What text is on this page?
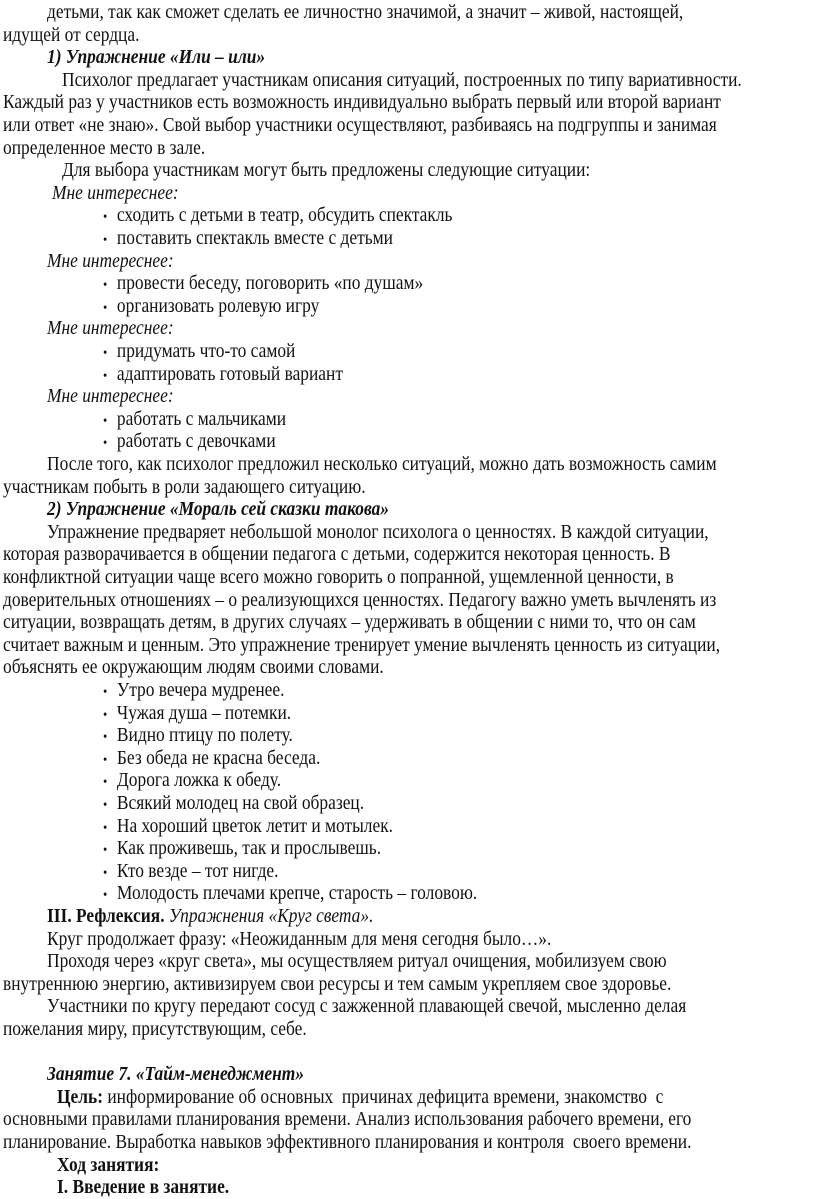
детьми, так как сможет сделать ее личностно значимой, а значит – живой, настоящей,
идущей от сердца.
1) Упражнение «Или – или»
Психолог предлагает участникам описания ситуаций, построенных по типу вариативности.
Каждый раз у участников есть возможность индивидуально выбрать первый или второй вариант
или ответ «не знаю». Свой выбор участники осуществляют, разбиваясь на подгруппы и занимая
определенное место в зале.
Для выбора участникам могут быть предложены следующие ситуации:
Мне интереснее:
• сходить с детьми в театр, обсудить спектакль
• поставить спектакль вместе с детьми
Мне интереснее:
• провести беседу, поговорить «по душам»
• организовать ролевую игру
Мне интереснее:
• придумать что-то самой
• адаптировать готовый вариант
Мне интереснее:
• работать с мальчиками
• работать с девочками
После того, как психолог предложил несколько ситуаций, можно дать возможность самим
участникам побыть в роли задающего ситуацию.
2) Упражнение «Мораль сей сказки такова»
Упражнение предваряет небольшой монолог психолога о ценностях. В каждой ситуации,
которая разворачивается в общении педагога с детьми, содержится некоторая ценность. В
конфликтной ситуации чаще всего можно говорить о попранной, ущемленной ценности, в
доверительных отношениях – о реализующихся ценностях. Педагогу важно уметь вычленять из
ситуации, возвращать детям, в других случаях – удерживать в общении с ними то, что он сам
считает важным и ценным. Это упражнение тренирует умение вычленять ценность из ситуации,
объяснять ее окружающим людям своими словами.
• Утро вечера мудренее.
• Чужая душа – потемки.
• Видно птицу по полету.
• Без обеда не красна беседа.
• Дорога ложка к обеду.
• Всякий молодец на свой образец.
• На хороший цветок летит и мотылек.
• Как проживешь, так и прослывешь.
• Кто везде – тот нигде.
• Молодость плечами крепче, старость – головою.
III. Рефлексия. Упражнения «Круг света».
Круг продолжает фразу: «Неожиданным для меня сегодня было…».
Проходя через «круг света», мы осуществляем ритуал очищения, мобилизуем свою
внутреннюю энергию, активизируем свои ресурсы и тем самым укрепляем свое здоровье.
Участники по кругу передают сосуд с зажженной плавающей свечой, мысленно делая
пожелания миру, присутствующим, себе.
Занятие 7. «Тайм-менеджмент»
Цель: информирование об основных  причинах дефицита времени, знакомство  с
основными правилами планирования времени. Анализ использования рабочего времени, его
планирование. Выработка навыков эффективного планирования и контроля  своего времени.
Ход занятия:
I. Введение в занятие.
